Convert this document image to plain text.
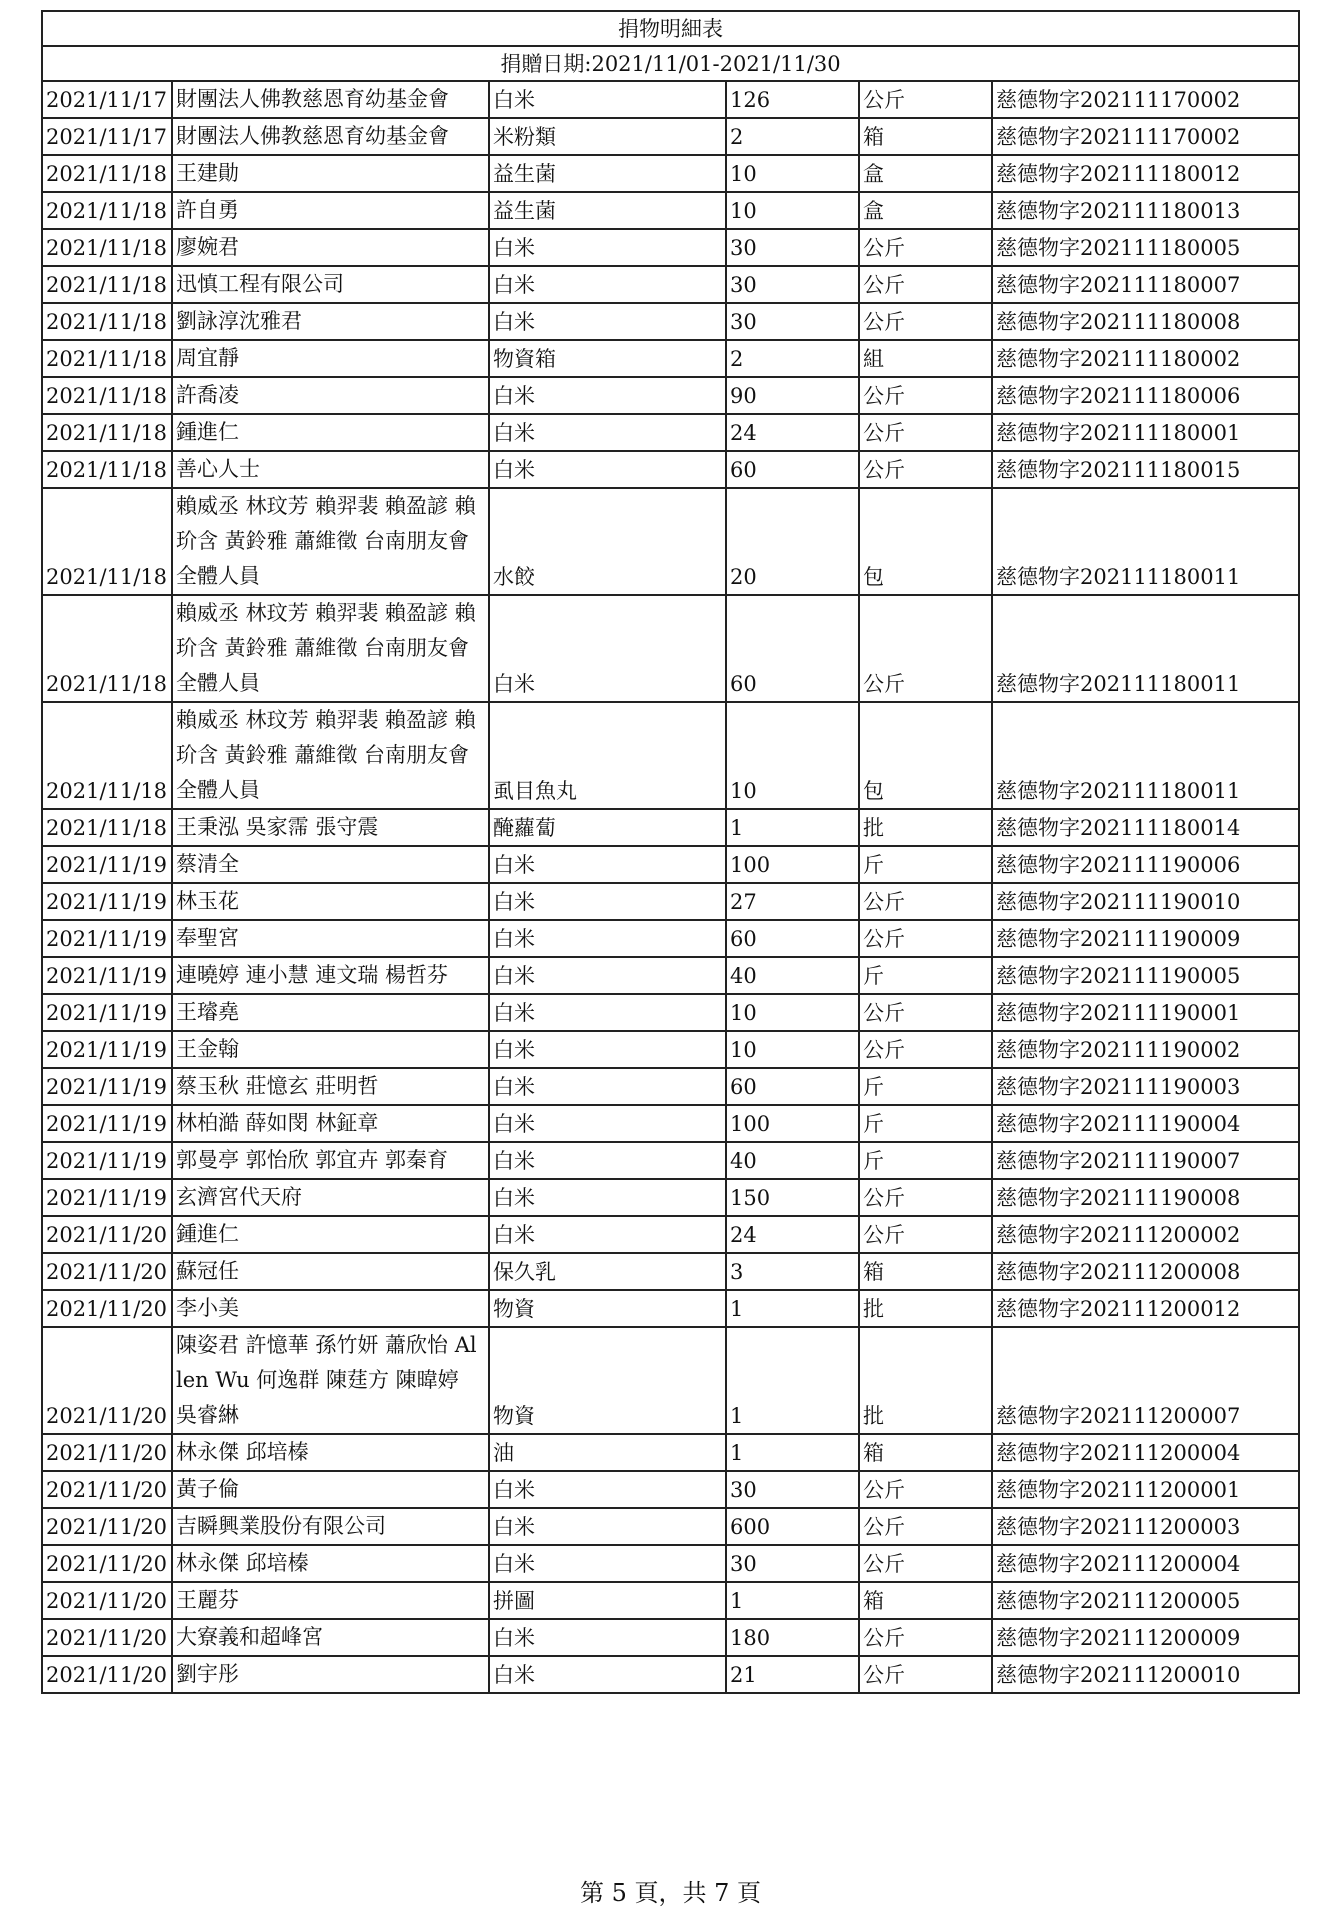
捐物明細表					
捐贈日期:2021/11/01-2021/11/30					
2021/11/17	財團法人佛教慈恩育幼基金會	白米	126	公斤	慈德物字202111170002
2021/11/17	財團法人佛教慈恩育幼基金會	米粉類	2	箱	慈德物字202111170002
2021/11/18	王建勛	益生菌	10	盒	慈德物字202111180012
2021/11/18	許自勇	益生菌	10	盒	慈德物字202111180013
2021/11/18	廖婉君	白米	30	公斤	慈德物字202111180005
2021/11/18	迅慎工程有限公司	白米	30	公斤	慈德物字202111180007
2021/11/18	劉詠淳沈雅君	白米	30	公斤	慈德物字202111180008
2021/11/18	周宜靜	物資箱	2	組	慈德物字202111180002
2021/11/18	許喬凌	白米	90	公斤	慈德物字202111180006
2021/11/18	鍾進仁	白米	24	公斤	慈德物字202111180001
2021/11/18	善心人士	白米	60	公斤	慈德物字202111180015
2021/11/18	賴威丞 林玟芳 賴羿裴 賴盈諺 賴玠含 黃鈴雅 蕭維徵 台南朋友會全體人員	水餃	20	包	慈德物字202111180011
2021/11/18	賴威丞 林玟芳 賴羿裴 賴盈諺 賴玠含 黃鈴雅 蕭維徵 台南朋友會全體人員	白米	60	公斤	慈德物字202111180011
2021/11/18	賴威丞 林玟芳 賴羿裴 賴盈諺 賴玠含 黃鈴雅 蕭維徵 台南朋友會全體人員	虱目魚丸	10	包	慈德物字202111180011
2021/11/18	王秉泓 吳家霈 張守震	醃蘿蔔	1	批	慈德物字202111180014
2021/11/19	蔡清全	白米	100	斤	慈德物字202111190006
2021/11/19	林玉花	白米	27	公斤	慈德物字202111190010
2021/11/19	奉聖宮	白米	60	公斤	慈德物字202111190009
2021/11/19	連曉婷 連小慧 連文瑞 楊哲芬	白米	40	斤	慈德物字202111190005
2021/11/19	王璿堯	白米	10	公斤	慈德物字202111190001
2021/11/19	王金翰	白米	10	公斤	慈德物字202111190002
2021/11/19	蔡玉秋 莊憶玄 莊明哲	白米	60	斤	慈德物字202111190003
2021/11/19	林柏澔 薛如閔 林鉦章	白米	100	斤	慈德物字202111190004
2021/11/19	郭曼亭 郭怡欣 郭宜卉 郭秦育	白米	40	斤	慈德物字202111190007
2021/11/19	玄濟宮代天府	白米	150	公斤	慈德物字202111190008
2021/11/20	鍾進仁	白米	24	公斤	慈德物字202111200002
2021/11/20	蘇冠任	保久乳	3	箱	慈德物字202111200008
2021/11/20	李小美	物資	1	批	慈德物字202111200012
2021/11/20	陳姿君 許憶華 孫竹妍 蕭欣怡 Allen Wu 何逸群 陳莛方 陳暐婷 吳睿綝	物資	1	批	慈德物字202111200007
2021/11/20	林永傑 邱培榛	油	1	箱	慈德物字202111200004
2021/11/20	黃子倫	白米	30	公斤	慈德物字202111200001
2021/11/20	吉瞬興業股份有限公司	白米	600	公斤	慈德物字202111200003
2021/11/20	林永傑 邱培榛	白米	30	公斤	慈德物字202111200004
2021/11/20	王麗芬	拼圖	1	箱	慈德物字202111200005
2021/11/20	大寮義和超峰宮	白米	180	公斤	慈德物字202111200009
2021/11/20	劉宇彤	白米	21	公斤	慈德物字202111200010
第 5 頁，共 7 頁
